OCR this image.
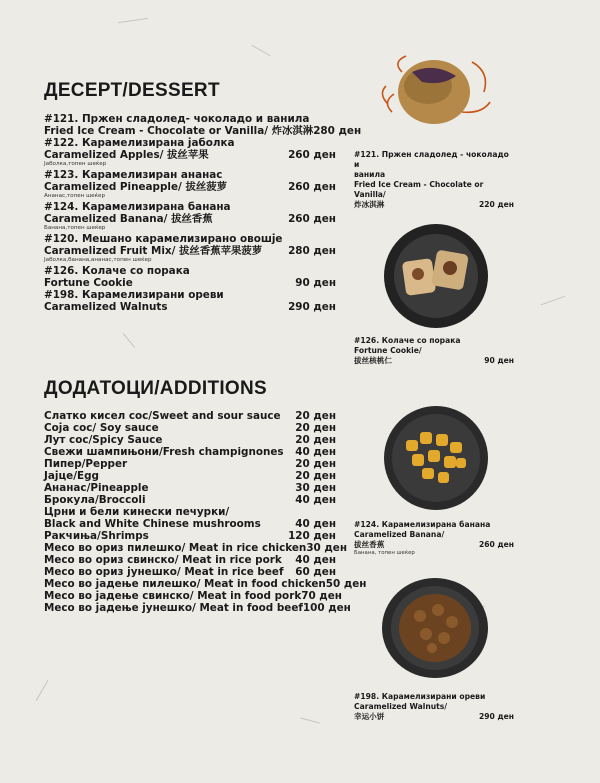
ДЕСЕРТ/DESSERT
#121. Пржен сладолед- чоколадо и ванила
Fried Ice Cream - Chocolate or Vanilla/ 炸冰淇淋 280 ден
#122. Карамелизирана јаболка
Caramelized Apples/ 拔丝苹果	260 ден
Јаболка,топен шеќер
#123. Карамелизиран ананас
Caramelized Pineapple/ 拔丝菠萝	260 ден
Ананас,топен шеќер
#124. Карамелизирана банана
Caramelized Banana/ 拔丝香蕉	260 ден
Банана,топен шеќер
#120. Мешано карамелизирано овошје
Caramelized Fruit Mix/ 拔丝香蕉苹果菠萝 280 ден
Јаболка,банана,ананас,топен шеќер
#126. Колаче со порака
Fortune Cookie	90 ден
#198. Карамелизирани ореви
Caramelized Walnuts	290 ден
ДОДАТОЦИ/ADDITIONS
Слатко кисел сос/Sweet and sour sauce 20 ден
Соја сос/ Soy sauce	20 ден
Лут сос/Spicy Sauce	20 ден
Свежи шампињони/Fresh champignones 40 ден
Пипер/Pepper	20 ден
Јајце/Egg	20 ден
Ананас/Pineapple	30 ден
Брокула/Broccoli	40 ден
Црни и бели кинески печурки/
Black and White Chinese mushrooms	40 ден
Ракчиња/Shrimps	120 ден
Месо во ориз пилешко/ Meat in rice chicken 30 ден
Месо во ориз свинско/ Meat in rice pork 40 ден
Месо во ориз јунешко/ Meat in rice beef 60 ден
Месо во јадење пилешко/ Meat in food chicken 50 ден
Месо во јадење свинско/ Meat in food pork 70 ден
Месо во јадење јунешко/ Meat in food beef 100 ден
#121. Пржен сладолед - чоколадо и
ванила
Fried Ice Cream - Chocolate or Vanilla/
炸冰淇淋	220 ден
#126. Колаче со порака
Fortune Cookie/
拔丝核桃仁	90 ден
#124. Карамелизирана банана
Caramelized Banana/
拔丝香蕉	260 ден
Банана, топен шеќер
#198. Карамелизирани ореви
Caramelized Walnuts/
幸运小饼	290 ден
